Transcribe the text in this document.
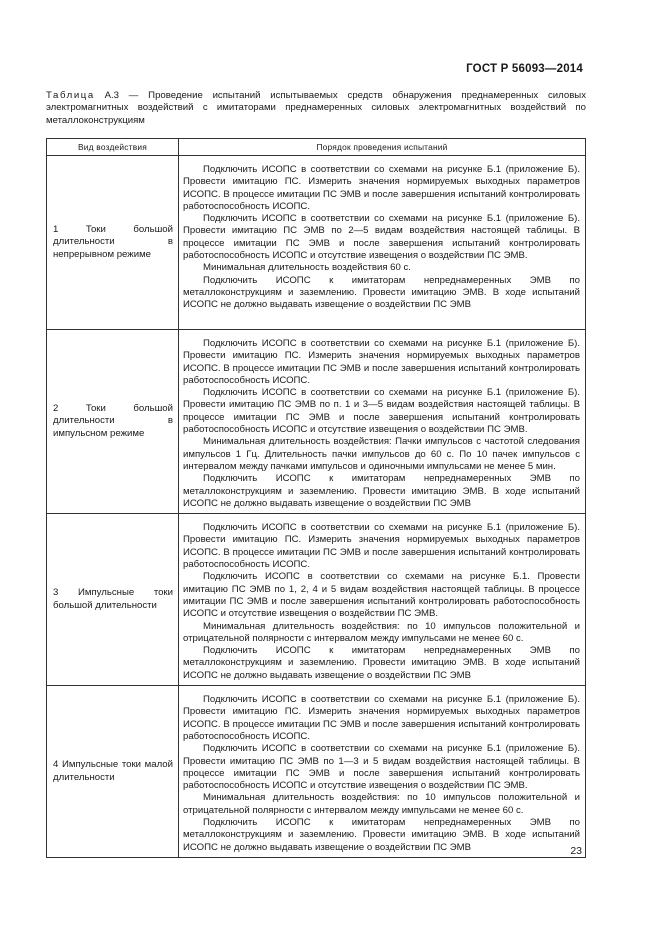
ГОСТ Р 56093—2014
Таблица А.3 — Проведение испытаний испытываемых средств обнаружения преднамеренных силовых электромагнитных воздействий с имитаторами преднамеренных силовых электромагнитных воздействий по металлоконструкциям
Вид воздействия	Порядок проведения испытаний
1 Токи большой длительности в непрерывном режиме	Подключить ИСОПС в соответствии со схемами на рисунке Б.1 (приложение Б). Провести имитацию ПС. Измерить значения нормируемых выходных параметров ИСОПС. В процессе имитации ПС ЭМВ и после завершения испытаний контролировать работоспособность ИСОПС.

Подключить ИСОПС в соответствии со схемами на рисунке Б.1 (приложение Б). Провести имитацию ПС ЭМВ по 2—5 видам воздействия настоящей таблицы. В процессе имитации ПС ЭМВ и после завершения испытаний контролировать работоспособность ИСОПС и отсутствие извещения о воздействии ПС ЭМВ.

Минимальная длительность воздействия 60 с.

Подключить ИСОПС к имитаторам непреднамеренных ЭМВ по металлоконструкциям и заземлению. Провести имитацию ЭМВ. В ходе испытаний ИСОПС не должно выдавать извещение о воздействии ПС ЭМВ

2 Токи большой длительности в импульсном режиме	Подключить ИСОПС в соответствии со схемами на рисунке Б.1 (приложение Б). Провести имитацию ПС. Измерить значения нормируемых выходных параметров ИСОПС. В процессе имитации ПС ЭМВ и после завершения испытаний контролировать работоспособность ИСОПС.

Подключить ИСОПС в соответствии со схемами на рисунке Б.1 (приложение Б). Провести имитацию ПС ЭМВ по п. 1 и 3—5 видам воздействия настоящей таблицы. В процессе имитации ПС ЭМВ и после завершения испытаний контролировать работоспособность ИСОПС и отсутствие извещения о воздействии ПС ЭМВ.

Минимальная длительность воздействия: Пачки импульсов с частотой следования импульсов 1 Гц. Длительность пачки импульсов до 60 с. По 10 пачек импульсов с интервалом между пачками импульсов и одиночными импульсами не менее 5 мин.

Подключить ИСОПС к имитаторам непреднамеренных ЭМВ по металлоконструкциям и заземлению. Провести имитацию ЭМВ. В ходе испытаний ИСОПС не должно выдавать извещение о воздействии ПС ЭМВ

3 Импульсные токи большой длительности	Подключить ИСОПС в соответствии со схемами на рисунке Б.1 (приложение Б). Провести имитацию ПС. Измерить значения нормируемых выходных параметров ИСОПС. В процессе имитации ПС ЭМВ и после завершения испытаний контролировать работоспособность ИСОПС.

Подключить ИСОПС в соответствии со схемами на рисунке Б.1. Провести имитацию ПС ЭМВ по 1, 2, 4 и 5 видам воздействия настоящей таблицы. В процессе имитации ПС ЭМВ и после завершения испытаний контролировать работоспособность ИСОПС и отсутствие извещения о воздействии ПС ЭМВ.

Минимальная длительность воздействия: по 10 импульсов положительной и отрицательной полярности с интервалом между импульсами не менее 60 с.

Подключить ИСОПС к имитаторам непреднамеренных ЭМВ по металлоконструкциям и заземлению. Провести имитацию ЭМВ. В ходе испытаний ИСОПС не должно выдавать извещение о воздействии ПС ЭМВ

4 Импульсные токи малой длительности	Подключить ИСОПС в соответствии со схемами на рисунке Б.1 (приложение Б). Провести имитацию ПС. Измерить значения нормируемых выходных параметров ИСОПС. В процессе имитации ПС ЭМВ и после завершения испытаний контролировать работоспособность ИСОПС.

Подключить ИСОПС в соответствии со схемами на рисунке Б.1 (приложение Б). Провести имитацию ПС ЭМВ по 1—3 и 5 видам воздействия настоящей таблицы. В процессе имитации ПС ЭМВ и после завершения испытаний контролировать работоспособность ИСОПС и отсутствие извещения о воздействии ПС ЭМВ.

Минимальная длительность воздействия: по 10 импульсов положительной и отрицательной полярности с интервалом между импульсами не менее 60 с.

Подключить ИСОПС к имитаторам непреднамеренных ЭМВ по металлоконструкциям и заземлению. Провести имитацию ЭМВ. В ходе испытаний ИСОПС не должно выдавать извещение о воздействии ПС ЭМВ	23
